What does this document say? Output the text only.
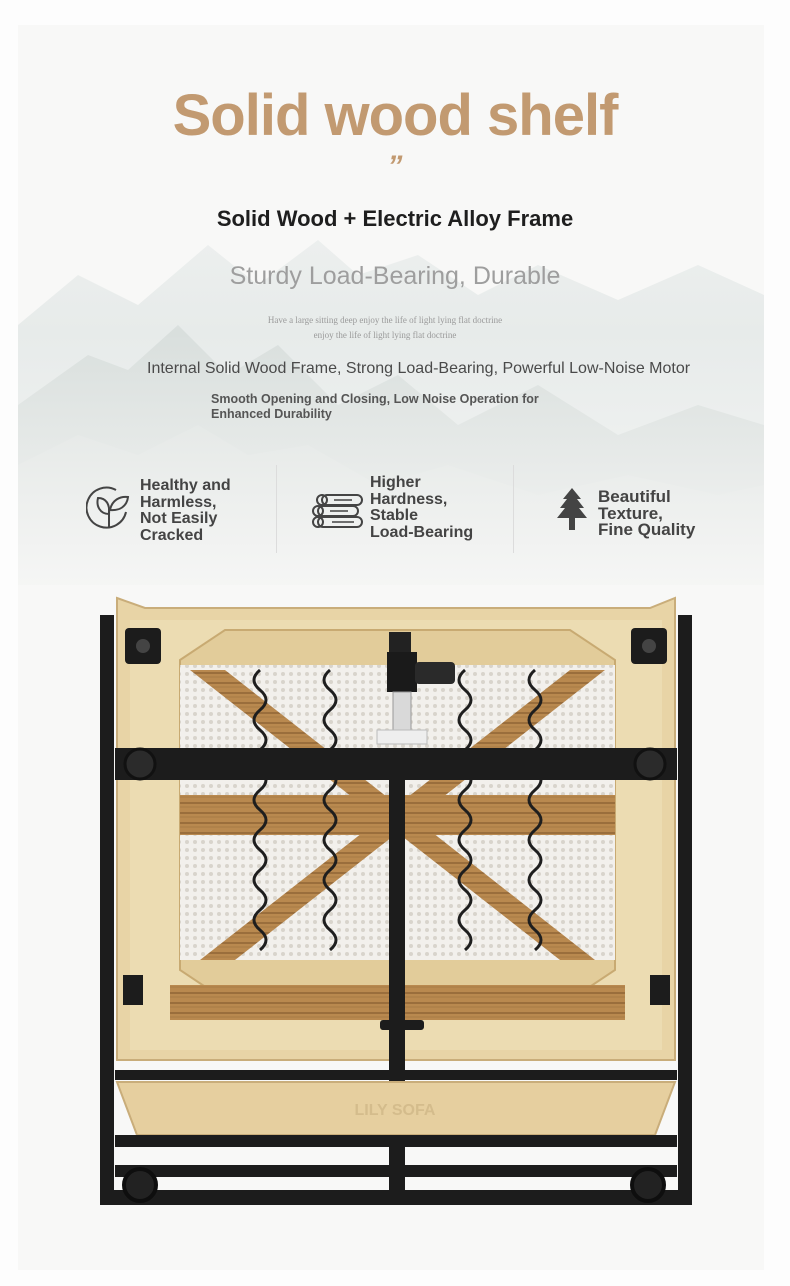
Solid wood shelf
”
Solid Wood + Electric Alloy Frame
Sturdy Load-Bearing, Durable
Have a large sitting deep enjoy the life of light lying flat doctrine
enjoy the life of light lying flat doctrine
Internal Solid Wood Frame, Strong Load-Bearing, Powerful Low-Noise Motor
Smooth Opening and Closing, Low Noise Operation for Enhanced Durability
Healthy and
Harmless,
Not Easily
Cracked
Higher
Hardness,
Stable
Load-Bearing
Beautiful
Texture,
Fine Quality
LILY SOFA
